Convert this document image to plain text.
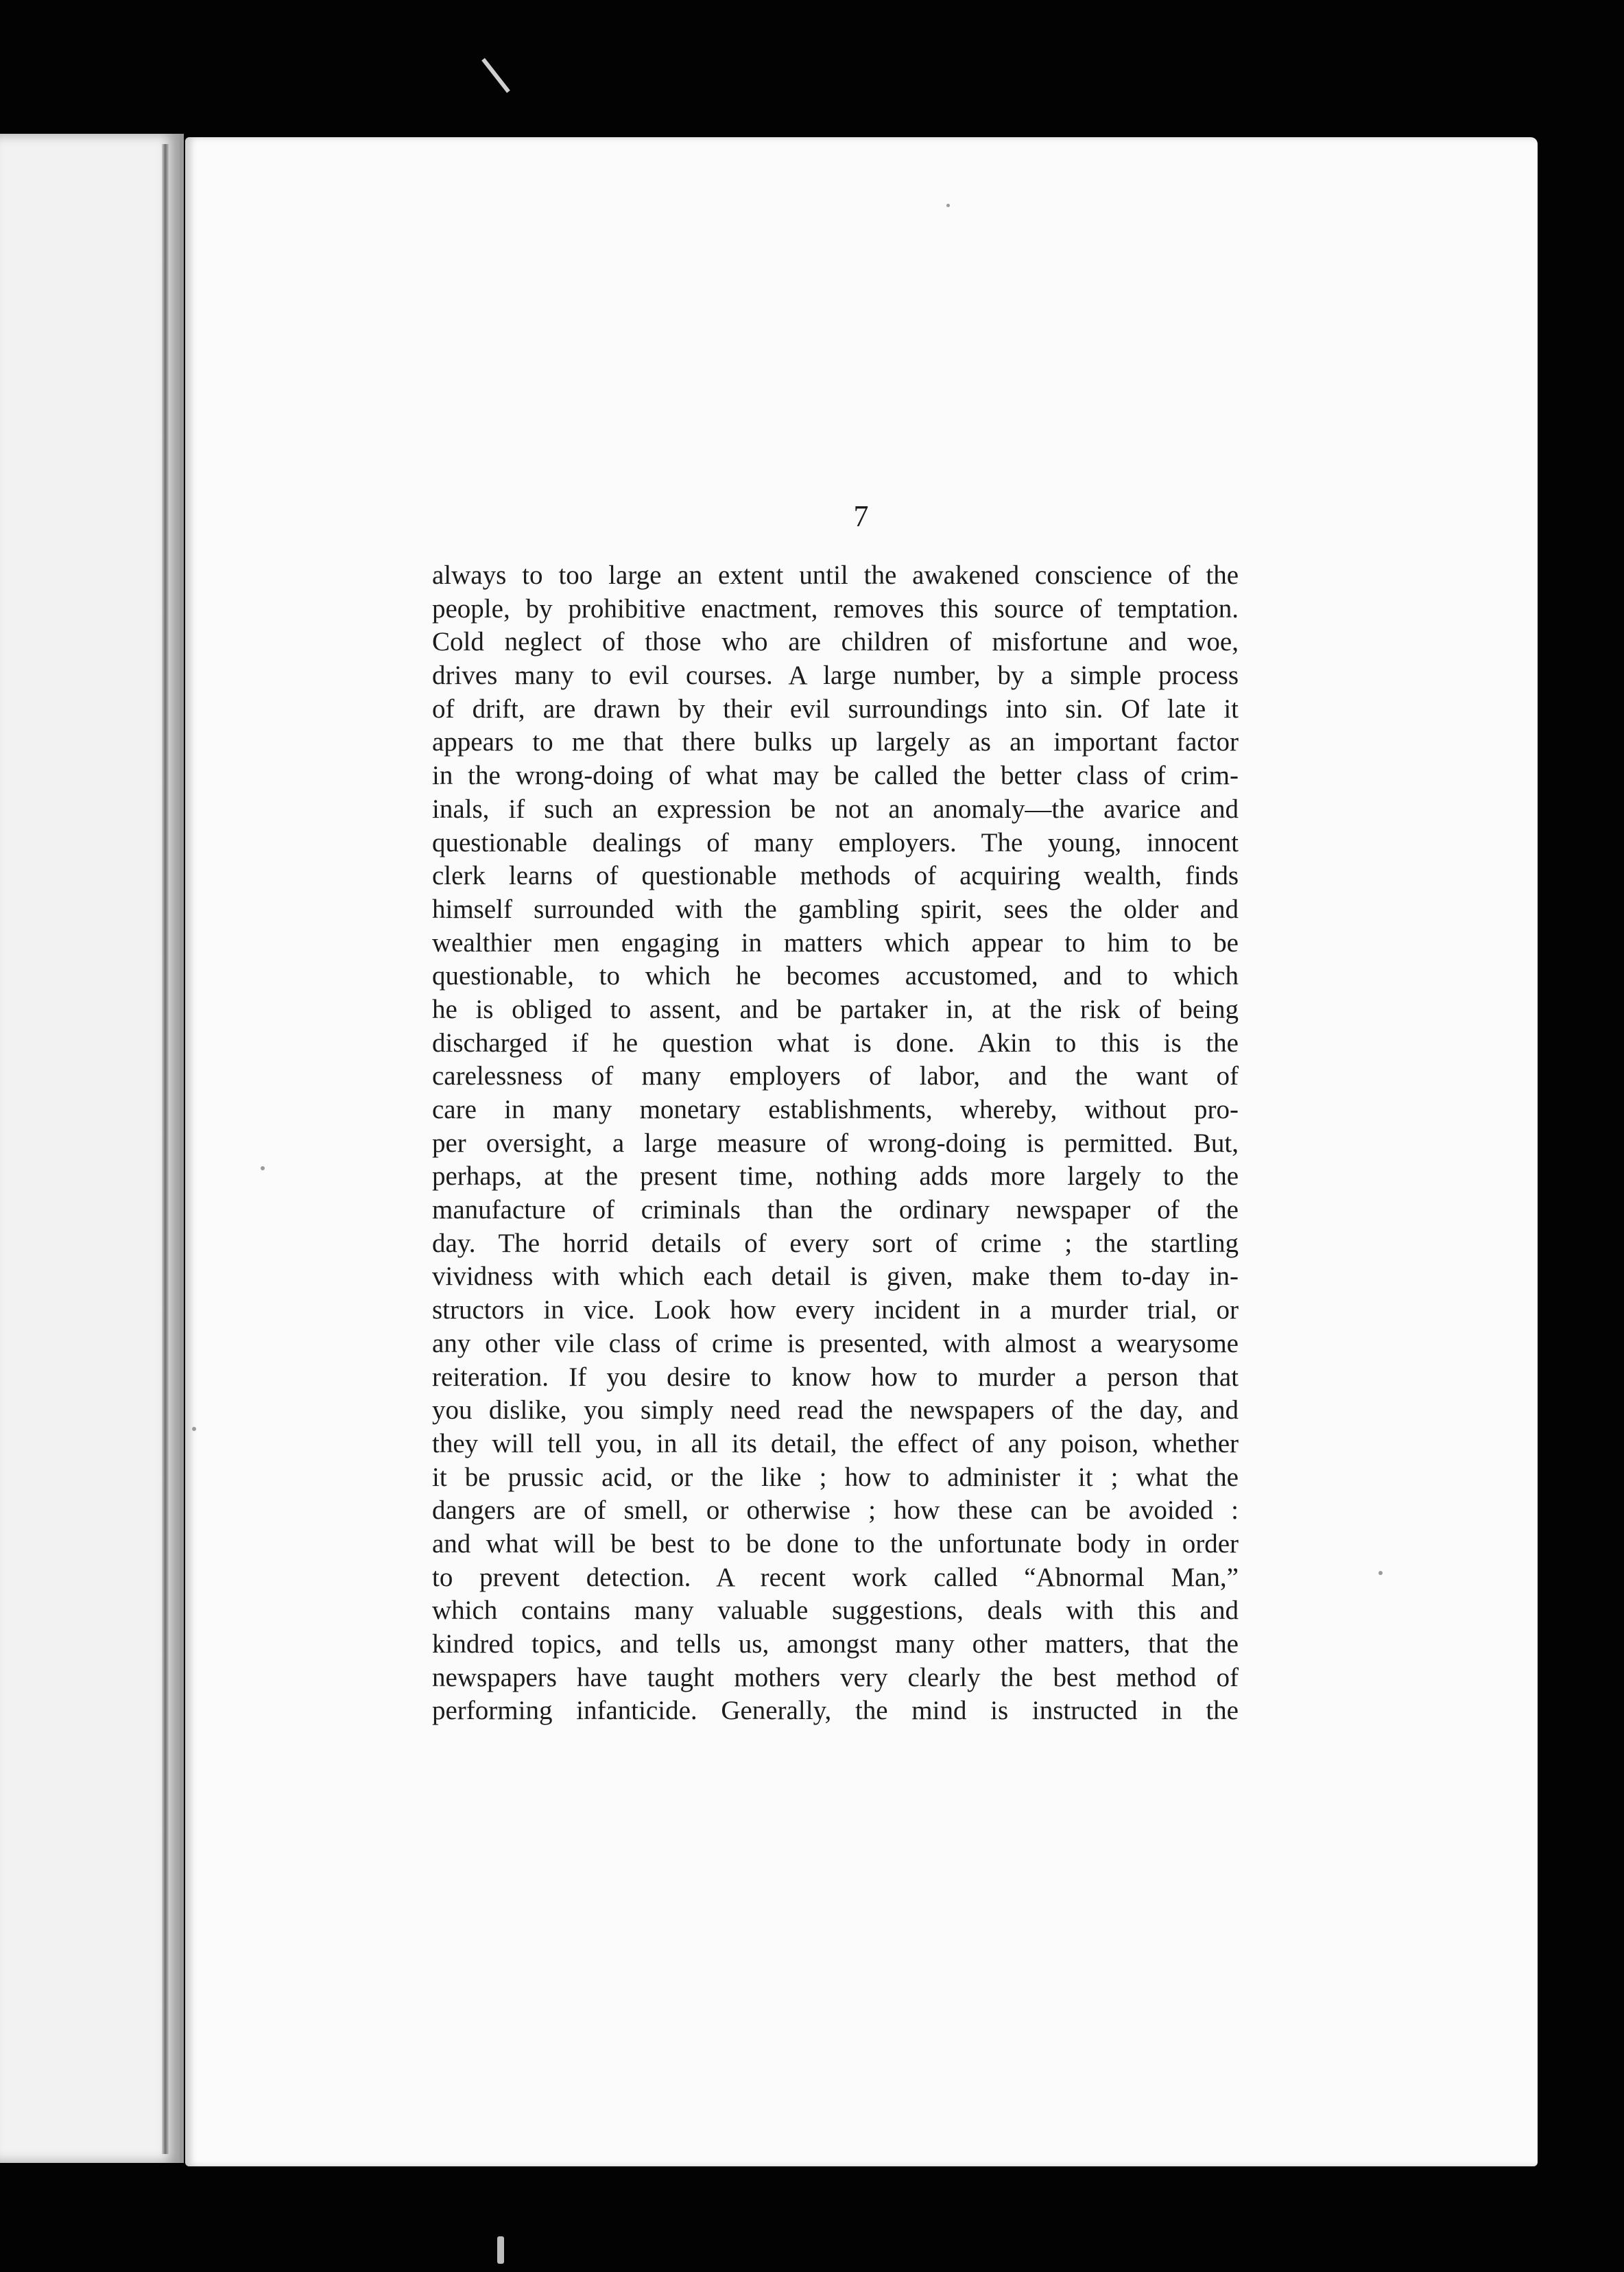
7
always to too large an extent until the awakened conscience of the
people, by prohibitive enactment, removes this source of temptation.
Cold neglect of those who are children of misfortune and woe,
drives many to evil courses. A large number, by a simple process
of drift, are drawn by their evil surroundings into sin. Of late it
appears to me that there bulks up largely as an important factor
in the wrong-doing of what may be called the better class of crim-
inals, if such an expression be not an anomaly—the avarice and
questionable dealings of many employers. The young, innocent
clerk learns of questionable methods of acquiring wealth, finds
himself surrounded with the gambling spirit, sees the older and
wealthier men engaging in matters which appear to him to be
questionable, to which he becomes accustomed, and to which
he is obliged to assent, and be partaker in, at the risk of being
discharged if he question what is done. Akin to this is the
carelessness of many employers of labor, and the want of
care in many monetary establishments, whereby, without pro-
per oversight, a large measure of wrong-doing is permitted. But,
perhaps, at the present time, nothing adds more largely to the
manufacture of criminals than the ordinary newspaper of the
day. The horrid details of every sort of crime ; the startling
vividness with which each detail is given, make them to-day in-
structors in vice. Look how every incident in a murder trial, or
any other vile class of crime is presented, with almost a wearysome
reiteration. If you desire to know how to murder a person that
you dislike, you simply need read the newspapers of the day, and
they will tell you, in all its detail, the effect of any poison, whether
it be prussic acid, or the like ; how to administer it ; what the
dangers are of smell, or otherwise ; how these can be avoided :
and what will be best to be done to the unfortunate body in order
to prevent detection. A recent work called “Abnormal Man,”
which contains many valuable suggestions, deals with this and
kindred topics, and tells us, amongst many other matters, that the
newspapers have taught mothers very clearly the best method of
performing infanticide. Generally, the mind is instructed in the
